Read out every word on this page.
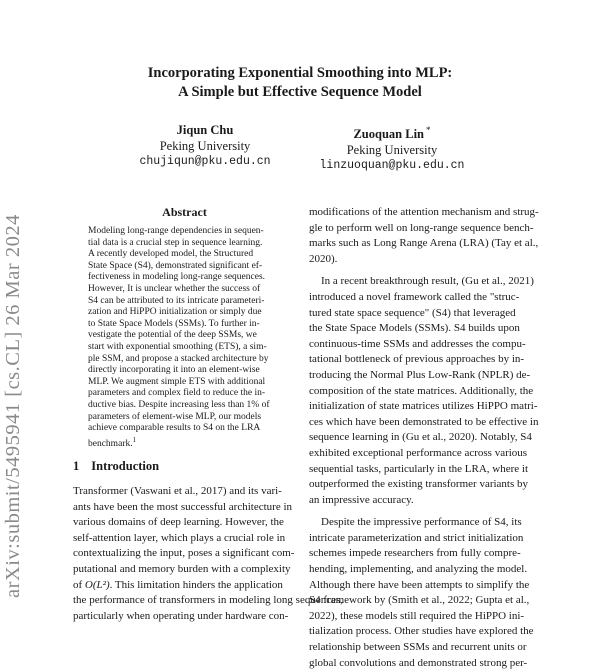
arXiv:submit/5495941 [cs.CL] 26 Mar 2024
Incorporating Exponential Smoothing into MLP:
A Simple but Effective Sequence Model
Jiqun Chu
Peking University
chujiqun@pku.edu.cn
Zuoquan Lin *
Peking University
linzuoquan@pku.edu.cn
Abstract

Modeling long-range dependencies in sequen-
tial data is a crucial step in sequence learning.
A recently developed model, the Structured
State Space (S4), demonstrated significant ef-
fectiveness in modeling long-range sequences.
However, It is unclear whether the success of
S4 can be attributed to its intricate parameteri-
zation and HiPPO initialization or simply due
to State Space Models (SSMs). To further in-
vestigate the potential of the deep SSMs, we
start with exponential smoothing (ETS), a sim-
ple SSM, and propose a stacked architecture by
directly incorporating it into an element-wise
MLP. We augment simple ETS with additional
parameters and complex field to reduce the in-
ductive bias. Despite increasing less than 1% of
parameters of element-wise MLP, our models
achieve comparable results to S4 on the LRA
benchmark.$^1$

1 Introduction

Transformer (Vaswani et al., 2017) and its vari-
ants have been the most successful architecture in
various domains of deep learning. However, the
self-attention layer, which plays a crucial role in
contextualizing the input, poses a significant com-
putational and memory burden with a complexity
of O(L²). This limitation hinders the application
the performance of transformers in modeling long sequences,
particularly when operating under hardware con-

modifications of the attention mechanism and strug-
gle to perform well on long-range sequence bench-
marks such as Long Range Arena (LRA) (Tay et al.,
2020).
In a recent breakthrough result, (Gu et al., 2021)
introduced a novel framework called the "struc-
tured state space sequence" (S4) that leveraged
the State Space Models (SSMs). S4 builds upon
continuous-time SSMs and addresses the compu-
tational bottleneck of previous approaches by in-
troducing the Normal Plus Low-Rank (NPLR) de-
composition of the state matrices. Additionally, the
initialization of state matrices utilizes HiPPO matri-
ces which have been demonstrated to be effective in
sequence learning in (Gu et al., 2020). Notably, S4
exhibited exceptional performance across various
sequential tasks, particularly in the LRA, where it
outperformed the existing transformer variants by
an impressive accuracy.
Despite the impressive performance of S4, its
intricate parameterization and strict initialization
schemes impede researchers from fully compre-
hending, implementing, and analyzing the model.
Although there have been attempts to simplify the
S4 framework by (Smith et al., 2022; Gupta et al.,
2022), these models still required the HiPPO ini-
tialization process. Other studies have explored the
relationship between SSMs and recurrent units or
global convolutions and demonstrated strong per-
